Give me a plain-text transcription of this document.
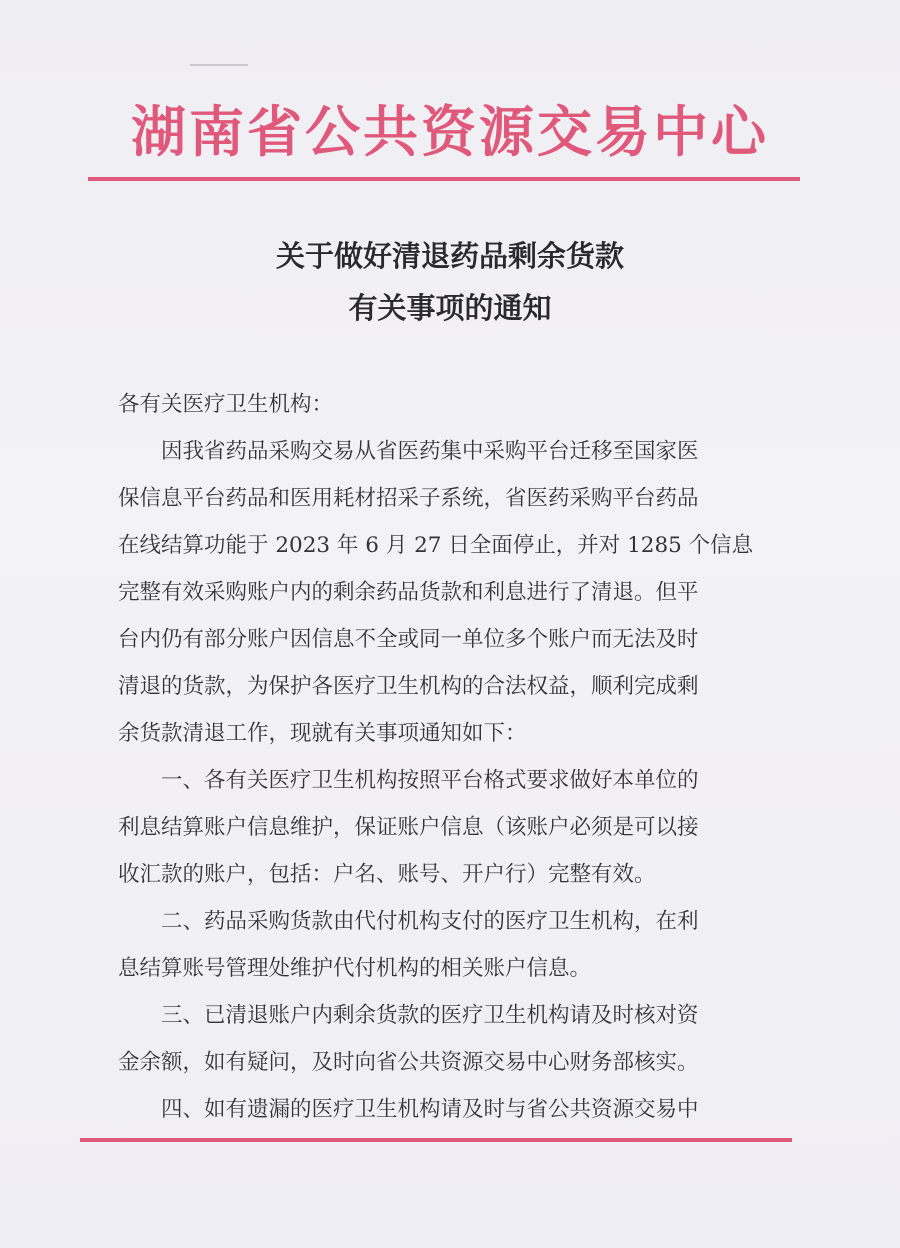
湖南省公共资源交易中心
关于做好清退药品剩余货款
有关事项的通知
各有关医疗卫生机构：
　　因我省药品采购交易从省医药集中采购平台迁移至国家医
保信息平台药品和医用耗材招采子系统，省医药采购平台药品
在线结算功能于 2023 年 6 月 27 日全面停止，并对 1285 个信息
完整有效采购账户内的剩余药品货款和利息进行了清退。但平
台内仍有部分账户因信息不全或同一单位多个账户而无法及时
清退的货款，为保护各医疗卫生机构的合法权益，顺利完成剩
余货款清退工作，现就有关事项通知如下：
　　一、各有关医疗卫生机构按照平台格式要求做好本单位的
利息结算账户信息维护，保证账户信息（该账户必须是可以接
收汇款的账户，包括：户名、账号、开户行）完整有效。
　　二、药品采购货款由代付机构支付的医疗卫生机构，在利
息结算账号管理处维护代付机构的相关账户信息。
　　三、已清退账户内剩余货款的医疗卫生机构请及时核对资
金余额，如有疑问，及时向省公共资源交易中心财务部核实。
　　四、如有遗漏的医疗卫生机构请及时与省公共资源交易中
